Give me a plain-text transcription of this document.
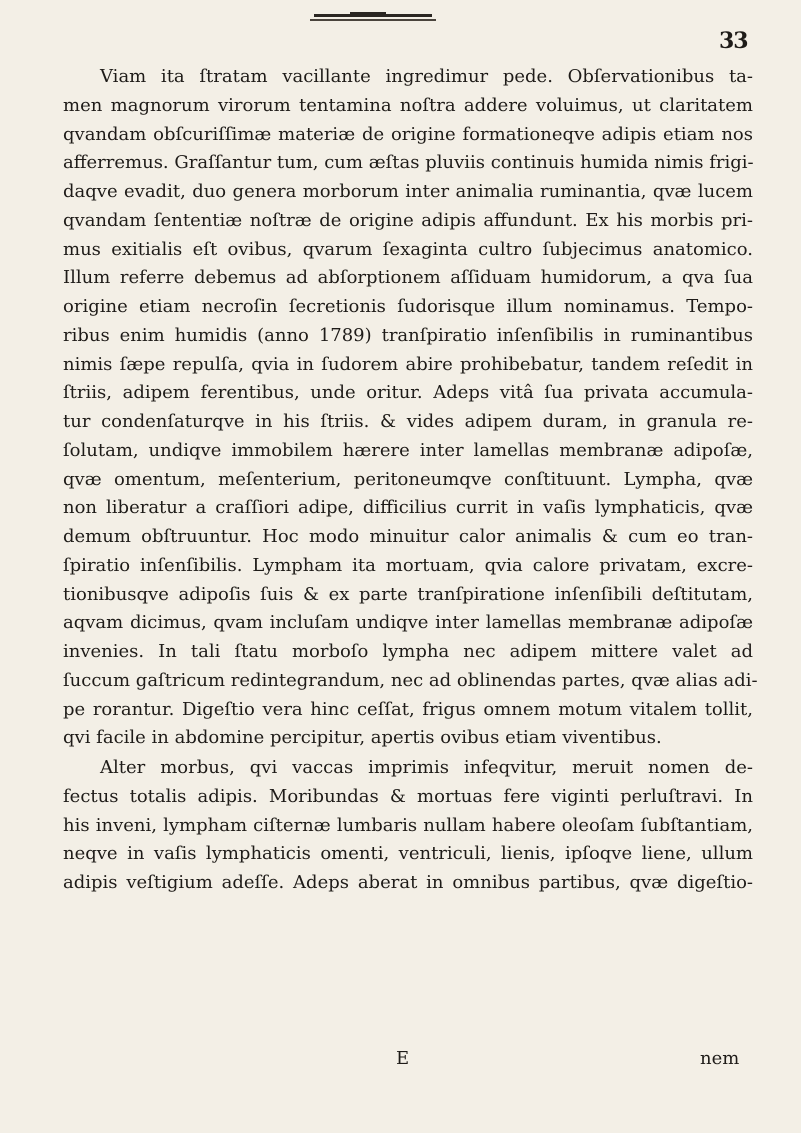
33
Viam ita ſtratam vacillante ingredimur pede. Obſervationibus ta-
men magnorum virorum tentamina noſtra addere voluimus, ut claritatem
qvandam obſcuriſſimæ materiæ de origine formationeqve adipis etiam nos
afferremus. Graſſantur tum, cum æſtas pluviis continuis humida nimis frigi-
daqve evadit, duo genera morborum inter animalia ruminantia, qvæ lucem
qvandam ſententiæ noſtræ de origine adipis affundunt. Ex his morbis pri-
mus exitialis eſt ovibus, qvarum ſexaginta cultro ſubjecimus anatomico.
Illum referre debemus ad abſorptionem aſſiduam humidorum, a qva ſua
origine etiam necroſin ſecretionis ſudorisque illum nominamus. Tempo-
ribus enim humidis (anno 1789) tranſpiratio inſenſibilis in ruminantibus
nimis ſæpe repulſa, qvia in ſudorem abire prohibebatur, tandem reſedit in
ſtriis, adipem ferentibus, unde oritur. Adeps vitâ ſua privata accumula-
tur condenſaturqve in his ſtriis. & vides adipem duram, in granula re-
ſolutam, undiqve immobilem hærere inter lamellas membranæ adipoſæ,
qvæ omentum, meſenterium, peritoneumqve conſtituunt. Lympha, qvæ
non liberatur a craſſiori adipe, difficilius currit in vaſis lymphaticis, qvæ
demum obſtruuntur. Hoc modo minuitur calor animalis & cum eo tran-
ſpiratio inſenſibilis. Lympham ita mortuam, qvia calore privatam, excre-
tionibusqve adipoſis ſuis & ex parte tranſpiratione inſenſibili deſtitutam,
aqvam dicimus, qvam incluſam undiqve inter lamellas membranæ adipoſæ
invenies. In tali ſtatu morboſo lympha nec adipem mittere valet ad
ſuccum gaſtricum redintegrandum, nec ad oblinendas partes, qvæ alias adi-
pe rorantur. Digeſtio vera hinc ceſſat, frigus omnem motum vitalem tollit,
qvi facile in abdomine percipitur, apertis ovibus etiam viventibus.
Alter morbus, qvi vaccas imprimis infeqvitur, meruit nomen de-
fectus totalis adipis. Moribundas & mortuas fere viginti perluſtravi. In
his inveni, lympham ciſternæ lumbaris nullam habere oleoſam ſubſtantiam,
neqve in vaſis lymphaticis omenti, ventriculi, lienis, ipſoqve liene, ullum
adipis veſtigium adeſſe. Adeps aberat in omnibus partibus, qvæ digeſtio-
E	nem
